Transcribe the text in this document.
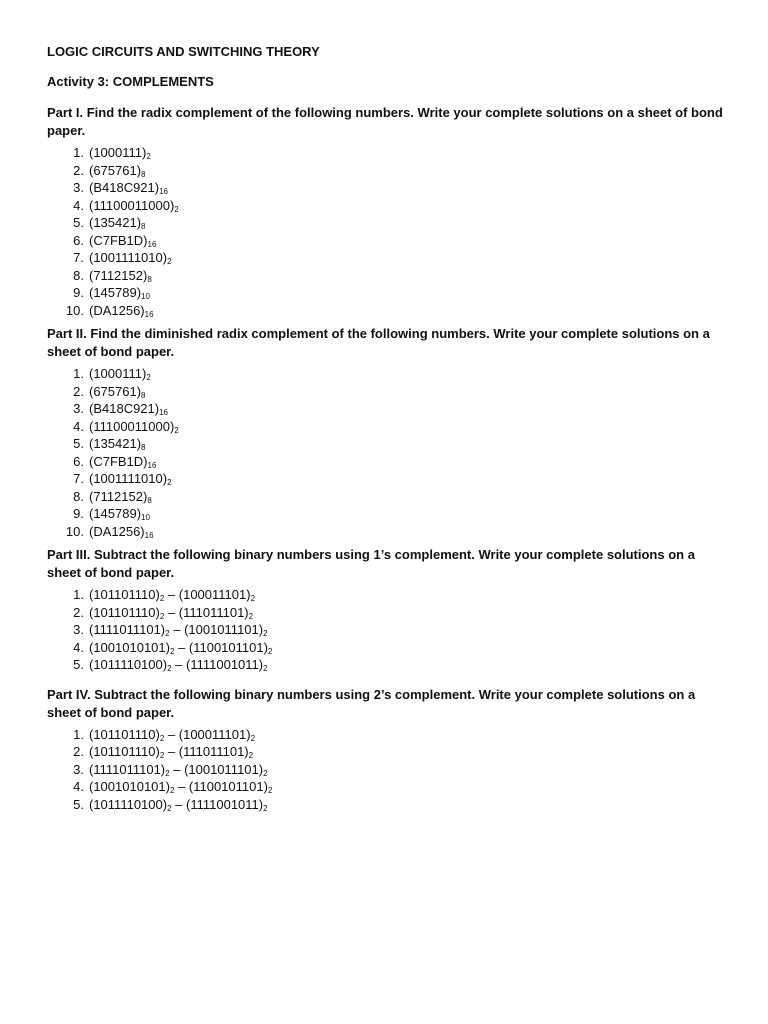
LOGIC CIRCUITS AND SWITCHING THEORY
Activity 3: COMPLEMENTS

Part I. Find the radix complement of the following numbers. Write your complete solutions on a sheet of bond paper.

1. $(1000111)_2$
2. $(675761)_8$
3. $(B418C921)_{16}$
4. $(11100011000)_2$
5. $(135421)_8$
6. $(C7FB1D)_{16}$
7. $(1001111010)_2$
8. $(7112152)_8$
9. $(145789)_{10}$
10. $(DA1256)_{16}$

Part II. Find the diminished radix complement of the following numbers. Write your complete solutions on a sheet of bond paper.

1. $(1000111)_2$
2. $(675761)_8$
3. $(B418C921)_{16}$
4. $(11100011000)_2$
5. $(135421)_8$
6. $(C7FB1D)_{16}$
7. $(1001111010)_2$
8. $(7112152)_8$
9. $(145789)_{10}$
10. $(DA1256)_{16}$

Part III. Subtract the following binary numbers using 1’s complement. Write your complete solutions on a sheet of bond paper.

1. $(101101110)_2 - (100011101)_2$
2. $(101101110)_2 - (111011101)_2$
3. $(1111011101)_2 - (1001011101)_2$
4. $(1001010101)_2 - (1100101101)_2$
5. $(1011110100)_2 - (1111001011)_2$

Part IV. Subtract the following binary numbers using 2’s complement. Write your complete solutions on a sheet of bond paper.

1. $(101101110)_2 - (100011101)_2$
2. $(101101110)_2 - (111011101)_2$
3. $(1111011101)_2 - (1001011101)_2$
4. $(1001010101)_2 - (1100101101)_2$
5. $(1011110100)_2 - (1111001011)_2$
